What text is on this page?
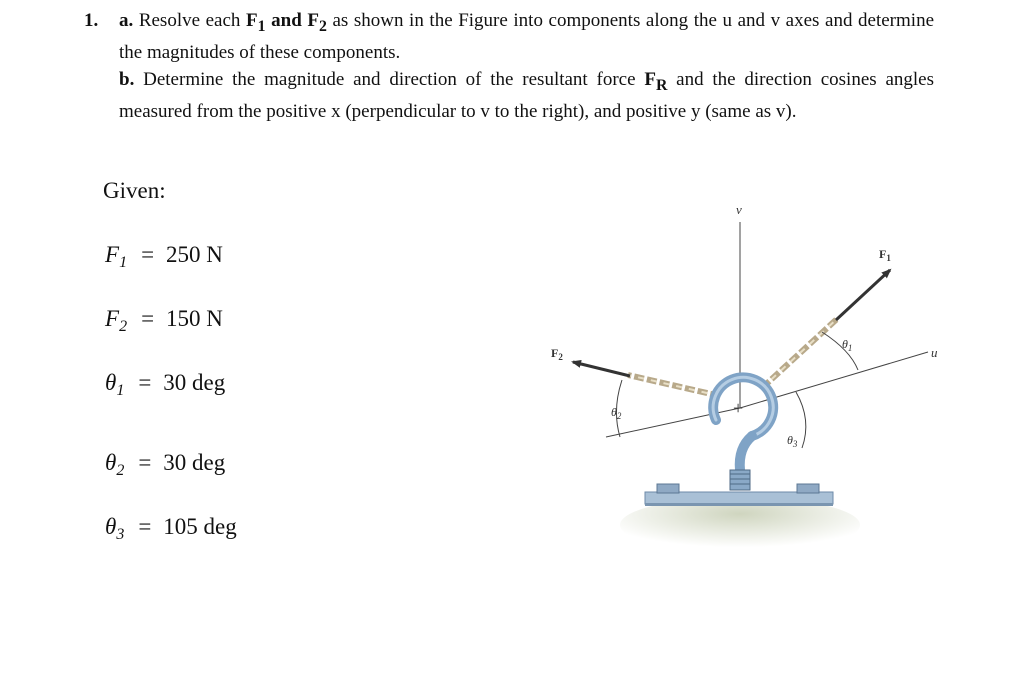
1. a. Resolve each $F_1$ and $F_2$ as shown in the Figure into components along the u and v axes and determine the magnitudes of these components.
b. Determine the magnitude and direction of the resultant force $F_R$ and the direction cosines angles measured from the positive x (perpendicular to v to the right), and positive y (same as v).
Given:
$F_1 = 250$ N
$F_2 = 150$ N
$\theta_1 = 30$ deg
$\theta_2 = 30$ deg
$\theta_3 = 105$ deg
v
u
$F_1$
$F_2$
+
$\theta_1$
$\theta_2$
$\theta_3$
